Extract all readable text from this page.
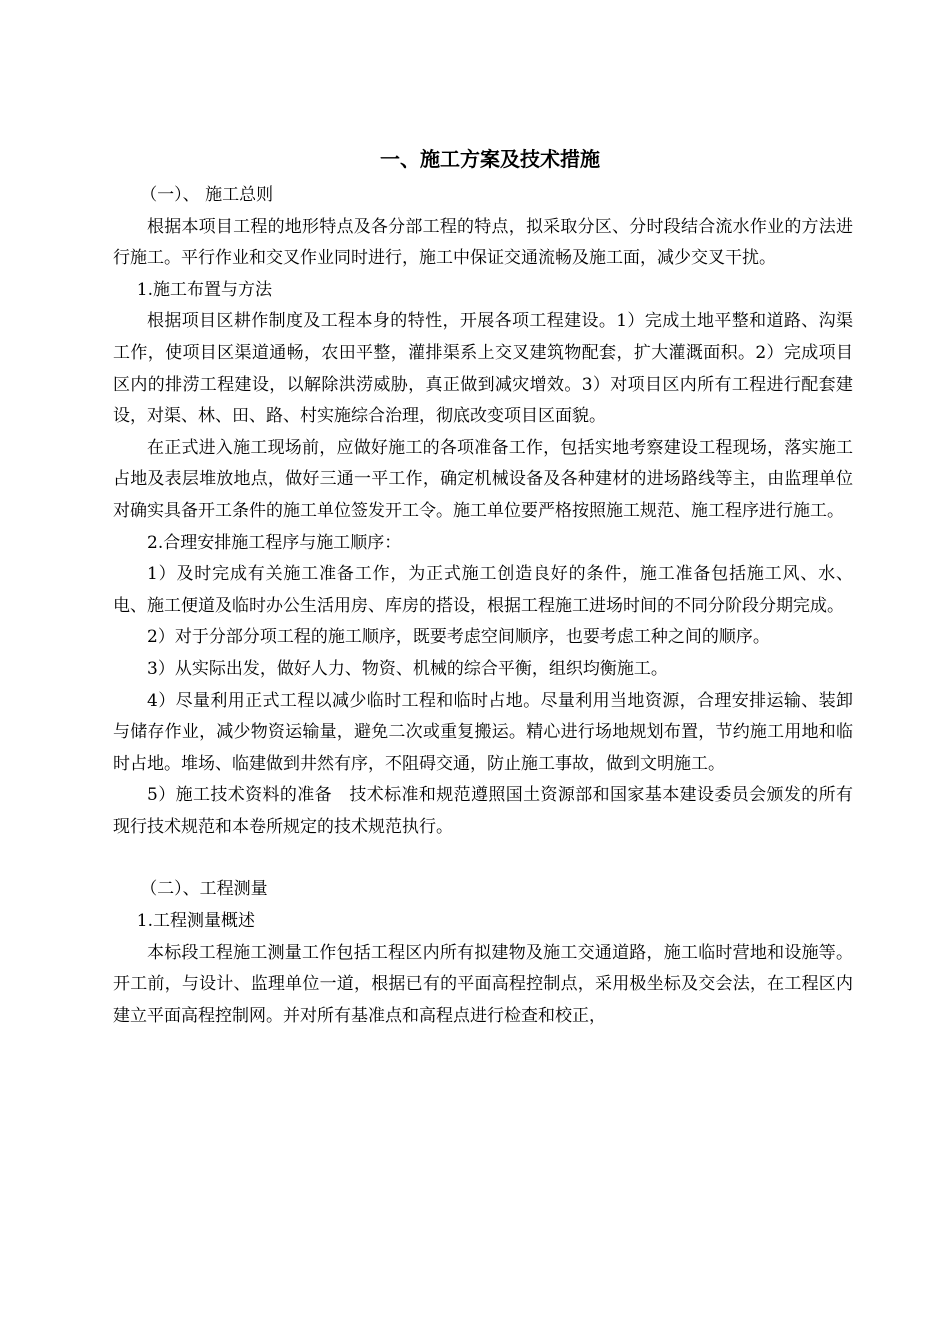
一、施工方案及技术措施

（一）、 施工总则

根据本项目工程的地形特点及各分部工程的特点，拟采取分区、分时段结合流水作业的方法进行施工。平行作业和交叉作业同时进行，施工中保证交通流畅及施工面，减少交叉干扰。

1.施工布置与方法

根据项目区耕作制度及工程本身的特性，开展各项工程建设。1）完成土地平整和道路、沟渠工作，使项目区渠道通畅，农田平整，灌排渠系上交叉建筑物配套，扩大灌溉面积。2）完成项目区内的排涝工程建设，以解除洪涝威胁，真正做到减灾增效。3）对项目区内所有工程进行配套建设，对渠、林、田、路、村实施综合治理，彻底改变项目区面貌。

在正式进入施工现场前，应做好施工的各项准备工作，包括实地考察建设工程现场，落实施工占地及表层堆放地点，做好三通一平工作，确定机械设备及各种建材的进场路线等主，由监理单位对确实具备开工条件的施工单位签发开工令。施工单位要严格按照施工规范、施工程序进行施工。

2.合理安排施工程序与施工顺序：

1）及时完成有关施工准备工作，为正式施工创造良好的条件，施工准备包括施工风、水、电、施工便道及临时办公生活用房、库房的搭设，根据工程施工进场时间的不同分阶段分期完成。

2）对于分部分项工程的施工顺序，既要考虑空间顺序，也要考虑工种之间的顺序。

3）从实际出发，做好人力、物资、机械的综合平衡，组织均衡施工。

4）尽量利用正式工程以减少临时工程和临时占地。尽量利用当地资源，合理安排运输、装卸与储存作业，减少物资运输量，避免二次或重复搬运。精心进行场地规划布置，节约施工用地和临时占地。堆场、临建做到井然有序，不阻碍交通，防止施工事故，做到文明施工。

5）施工技术资料的准备　技术标准和规范遵照国土资源部和国家基本建设委员会颁发的所有现行技术规范和本卷所规定的技术规范执行。

（二）、工程测量

1.工程测量概述

本标段工程施工测量工作包括工程区内所有拟建物及施工交通道路，施工临时营地和设施等。开工前，与设计、监理单位一道，根据已有的平面高程控制点，采用极坐标及交会法，在工程区内建立平面高程控制网。并对所有基准点和高程点进行检查和校正，
